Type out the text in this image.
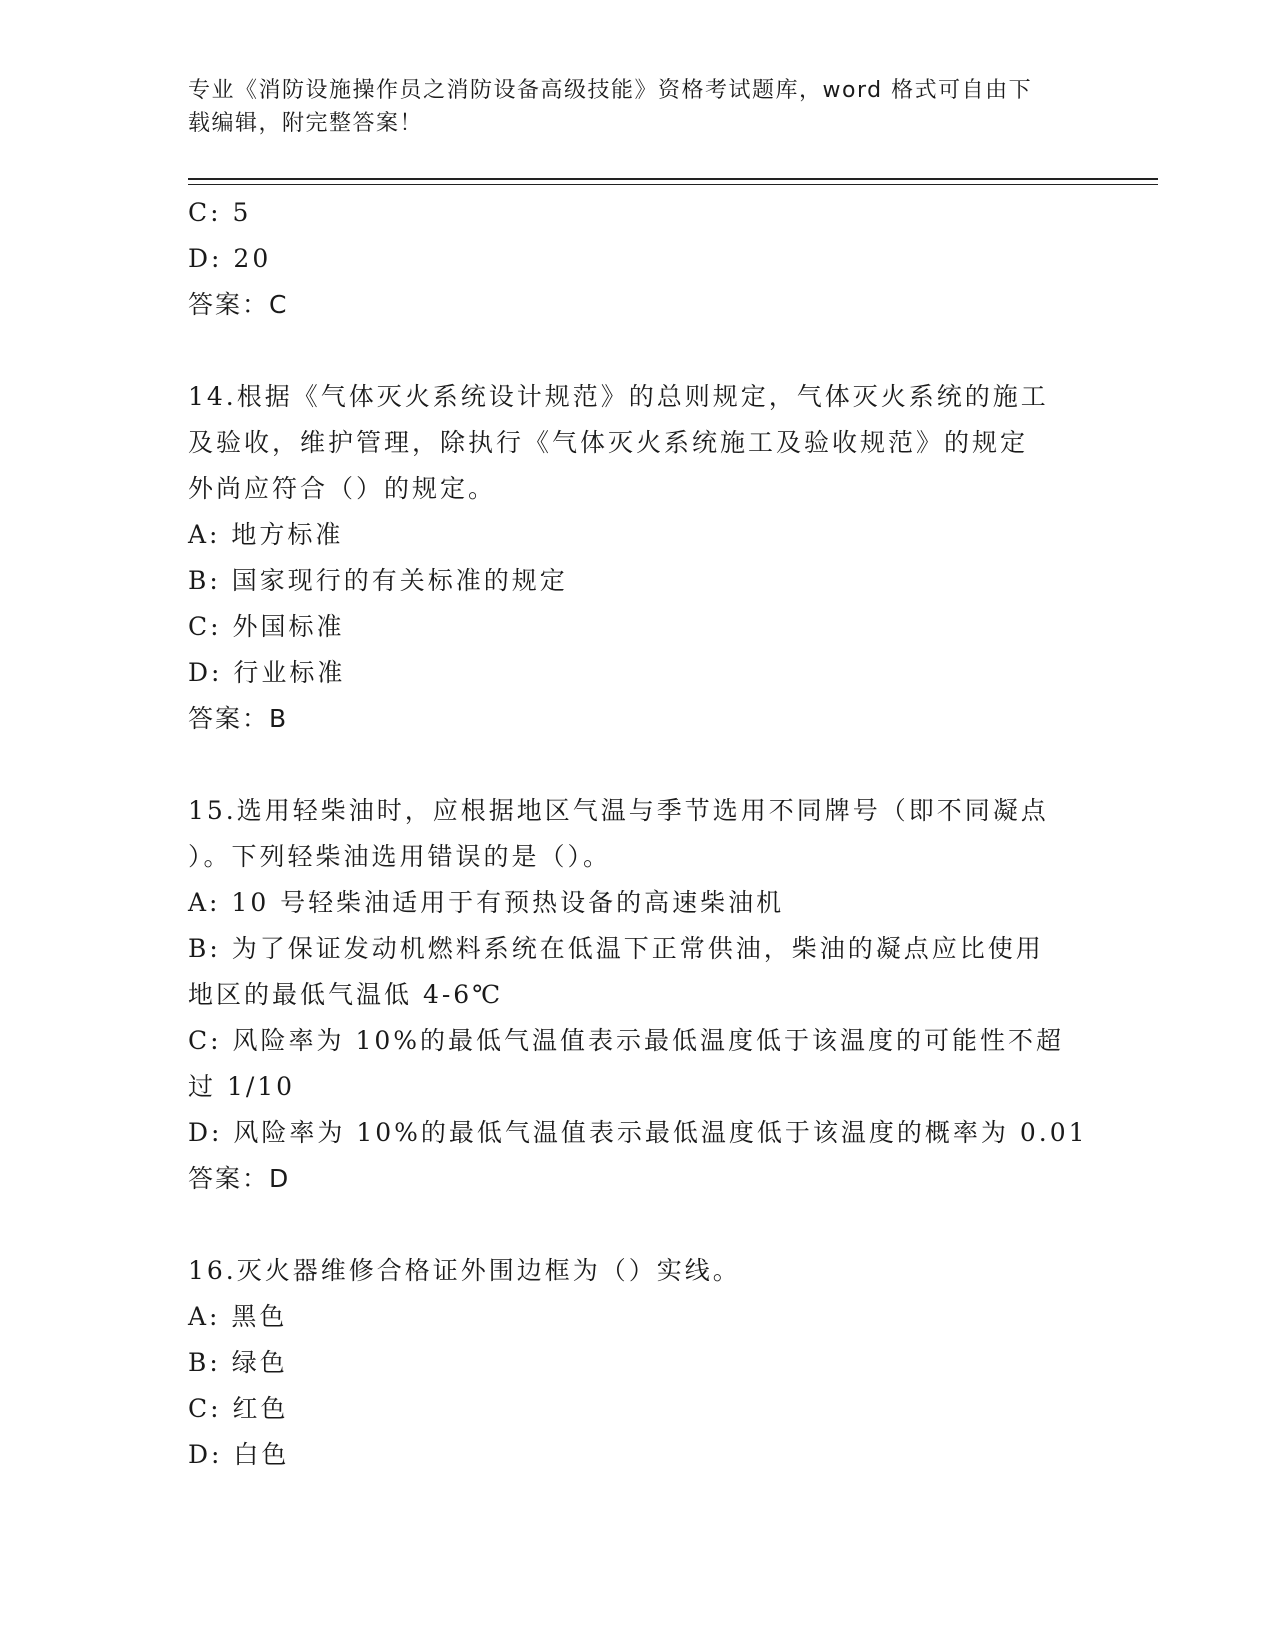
专业《消防设施操作员之消防设备高级技能》资格考试题库，word 格式可自由下
载编辑，附完整答案！
C: 5
D: 20
答案：C
14.根据《气体灭火系统设计规范》的总则规定，气体灭火系统的施工
及验收，维护管理，除执行《气体灭火系统施工及验收规范》的规定
外尚应符合（）的规定。
A: 地方标准
B: 国家现行的有关标准的规定
C: 外国标准
D: 行业标准
答案：B
15.选用轻柴油时，应根据地区气温与季节选用不同牌号（即不同凝点
）。下列轻柴油选用错误的是（）。
A: 10 号轻柴油适用于有预热设备的高速柴油机
B: 为了保证发动机燃料系统在低温下正常供油，柴油的凝点应比使用
地区的最低气温低 4-6℃
C: 风险率为 10%的最低气温值表示最低温度低于该温度的可能性不超
过 1/10
D: 风险率为 10%的最低气温值表示最低温度低于该温度的概率为 0.01
答案：D
16.灭火器维修合格证外围边框为（）实线。
A: 黑色
B: 绿色
C: 红色
D: 白色
